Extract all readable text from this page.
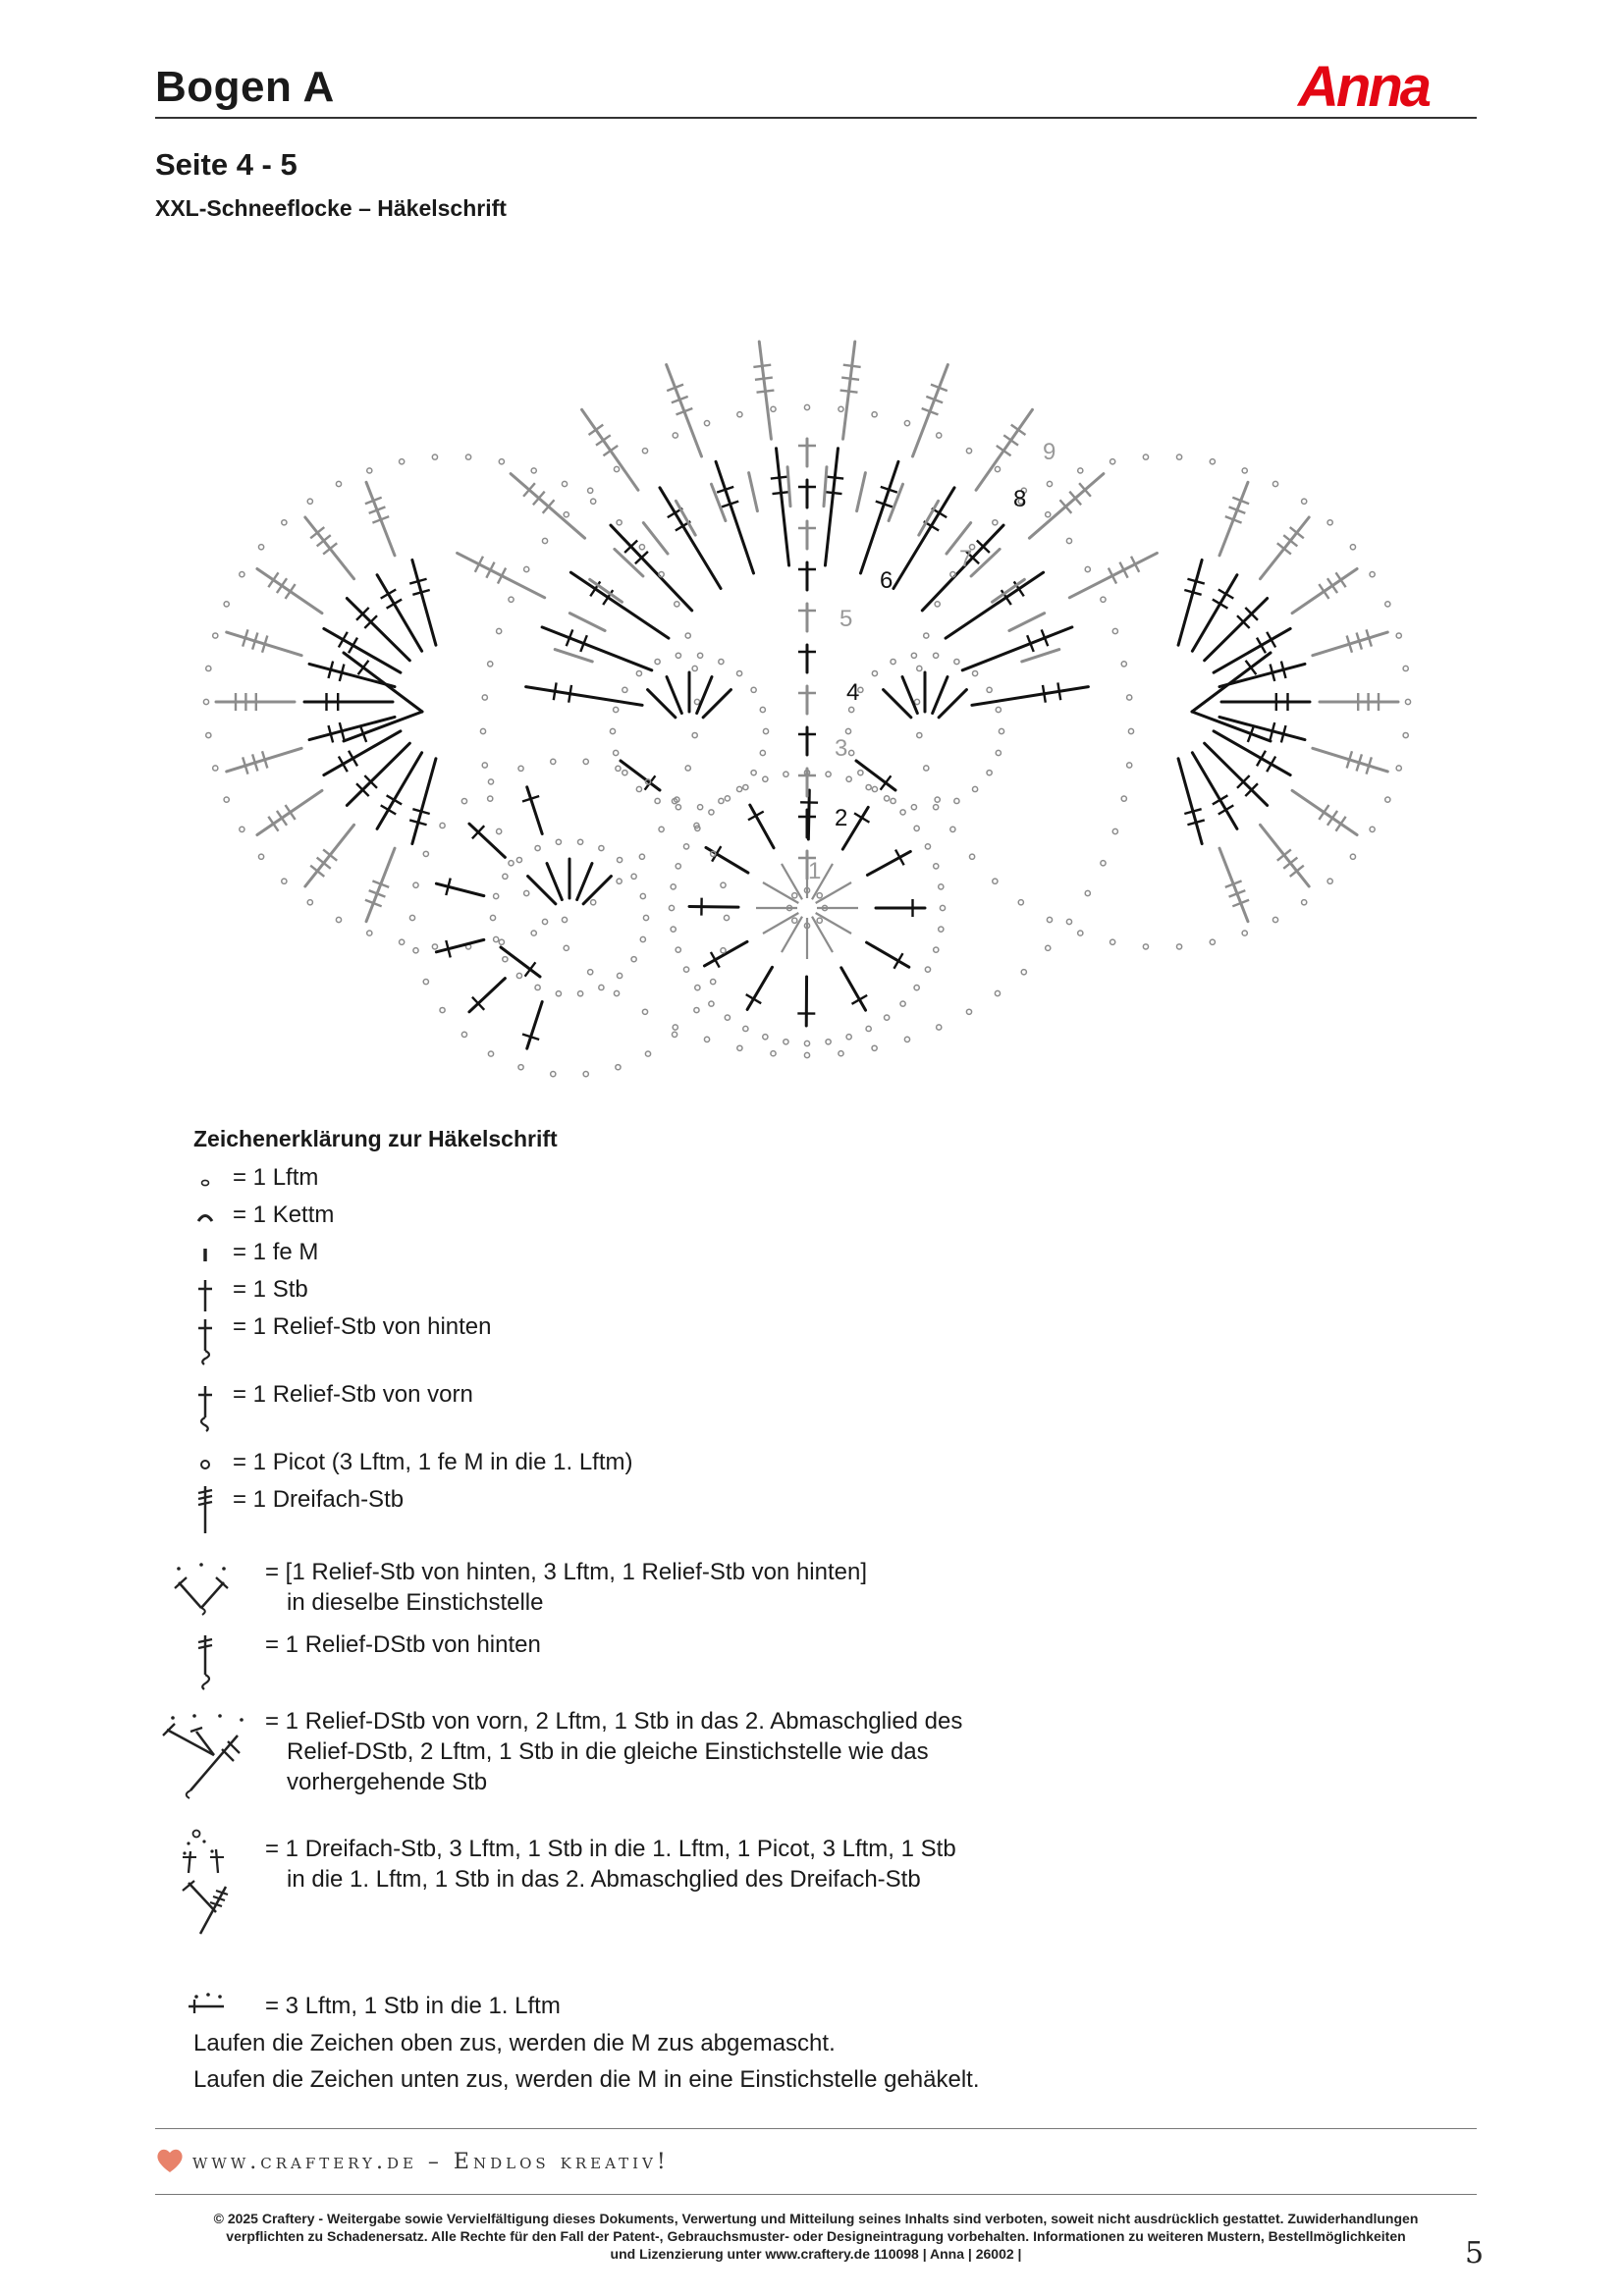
Bogen A	Anna
Seite 4 - 5
XXL-Schneeflocke – Häkelschrift
1
2
3
4
5
6
7
8
9
Zeichenerklärung zur Häkelschrift
= 1 Lftm
= 1 Kettm
= 1 fe M
= 1 Stb
= 1 Relief-Stb von hinten
= 1 Relief-Stb von vorn
= 1 Picot (3 Lftm, 1 fe M in die 1. Lftm)
= 1 Dreifach-Stb
= [1 Relief-Stb von hinten, 3 Lftm, 1 Relief-Stb von hinten]
in dieselbe Einstichstelle
= 1 Relief-DStb von hinten
= 1 Relief-DStb von vorn, 2 Lftm, 1 Stb in das 2. Abmaschglied des
Relief-DStb, 2 Lftm, 1 Stb in die gleiche Einstichstelle wie das
vorhergehende Stb
= 1 Dreifach-Stb, 3 Lftm, 1 Stb in die 1. Lftm, 1 Picot, 3 Lftm, 1 Stb
in die 1. Lftm, 1 Stb in das 2. Abmaschglied des Dreifach-Stb
= 3 Lftm, 1 Stb in die 1. Lftm
Laufen die Zeichen oben zus, werden die M zus abgemascht.
Laufen die Zeichen unten zus, werden die M in eine Einstichstelle gehäkelt.
www.craftery.de – Endlos kreativ!
© 2025 Craftery - Weitergabe sowie Vervielfältigung dieses Dokuments, Verwertung und Mitteilung seines Inhalts sind verboten, soweit nicht ausdrücklich gestattet. Zuwiderhandlungen
verpflichten zu Schadenersatz. Alle Rechte für den Fall der Patent-, Gebrauchsmuster- oder Designeintragung vorbehalten. Informationen zu weiteren Mustern, Bestellmöglichkeiten
und Lizenzierung unter www.craftery.de 110098 | Anna | 26002 |	5
